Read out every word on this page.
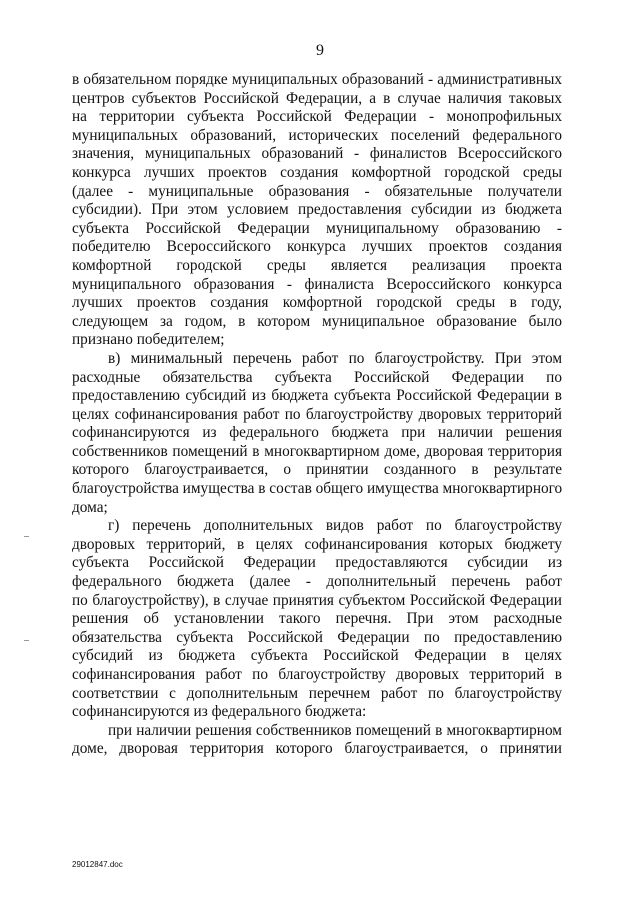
9
в обязательном порядке муниципальных образований - административных
центров субъектов Российской Федерации, а в случае наличия таковых
на территории субъекта Российской Федерации - монопрофильных
муниципальных образований, исторических поселений федерального
значения, муниципальных образований - финалистов Всероссийского
конкурса лучших проектов создания комфортной городской среды
(далее - муниципальные образования - обязательные получатели
субсидии). При этом условием предоставления субсидии из бюджета
субъекта Российской Федерации муниципальному образованию -
победителю Всероссийского конкурса лучших проектов создания
комфортной городской среды является реализация проекта
муниципального образования - финалиста Всероссийского конкурса
лучших проектов создания комфортной городской среды в году,
следующем за годом, в котором муниципальное образование было
признано победителем;
в) минимальный перечень работ по благоустройству. При этом
расходные обязательства субъекта Российской Федерации по
предоставлению субсидий из бюджета субъекта Российской Федерации в
целях софинансирования работ по благоустройству дворовых территорий
софинансируются из федерального бюджета при наличии решения
собственников помещений в многоквартирном доме, дворовая территория
которого благоустраивается, о принятии созданного в результате
благоустройства имущества в состав общего имущества многоквартирного
дома;
г) перечень дополнительных видов работ по благоустройству
дворовых территорий, в целях софинансирования которых бюджету
субъекта Российской Федерации предоставляются субсидии из
федерального бюджета (далее - дополнительный перечень работ
по благоустройству), в случае принятия субъектом Российской Федерации
решения об установлении такого перечня. При этом расходные
обязательства субъекта Российской Федерации по предоставлению
субсидий из бюджета субъекта Российской Федерации в целях
софинансирования работ по благоустройству дворовых территорий в
соответствии с дополнительным перечнем работ по благоустройству
софинансируются из федерального бюджета:
при наличии решения собственников помещений в многоквартирном
доме, дворовая территория которого благоустраивается, о принятии
29012847.doc
